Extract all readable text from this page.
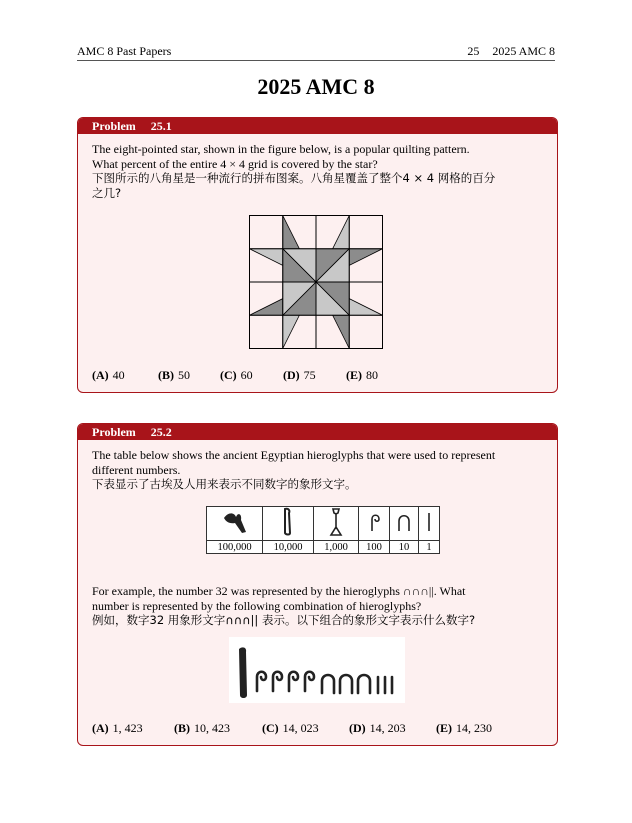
AMC 8 Past Papers	25 2025 AMC 8
2025 AMC 8
Problem 25.1

The eight-pointed star, shown in the figure below, is a popular quilting pattern.

What percent of the entire 4 × 4 grid is covered by the star?

下图所示的八角星是一种流行的拼布图案。八角星覆盖了整个4 × 4 网格的百分

之几?

(A) 40	(B) 50	(C) 60	(D) 75	(E) 80
Problem 25.2

The table below shows the ancient Egyptian hieroglyphs that were used to represent

different numbers.

下表显示了古埃及人用来表示不同数字的象形文字。

100,000	10,000	1,000	100	10	1

For example, the number 32 was represented by the hieroglyphs ∩∩∩||. What

number is represented by the following combination of hieroglyphs?

例如，数字32 用象形文字∩∩∩|| 表示。以下组合的象形文字表示什么数字?

(A) 1, 423	(B) 10, 423	(C) 14, 023	(D) 14, 203	(E) 14, 230
